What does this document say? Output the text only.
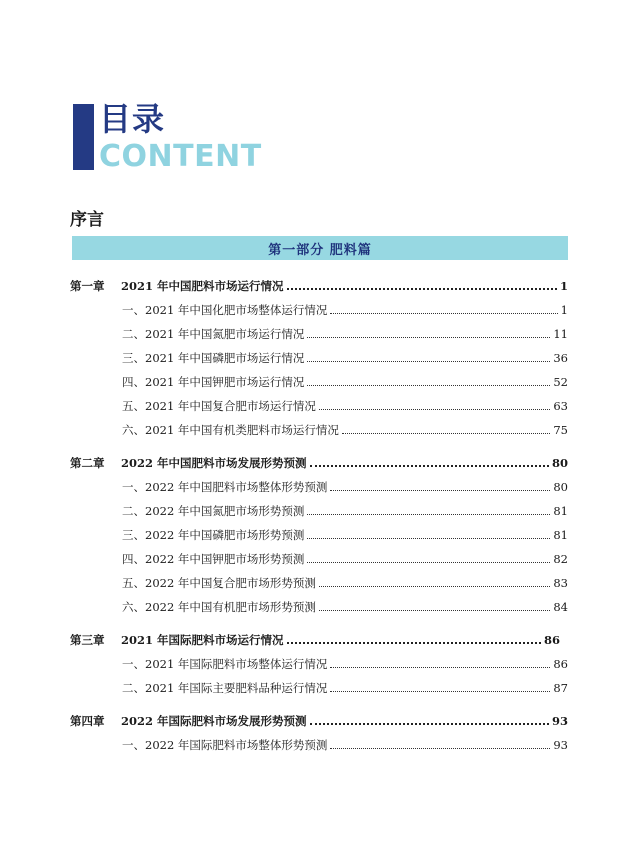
目录
CONTENT
序言
第一部分 肥料篇
第一章	2021 年中国肥料市场运行情况	1
一、2021 年中国化肥市场整体运行情况	1
二、2021 年中国氮肥市场运行情况	11
三、2021 年中国磷肥市场运行情况	36
四、2021 年中国钾肥市场运行情况	52
五、2021 年中国复合肥市场运行情况	63
六、2021 年中国有机类肥料市场运行情况	75
第二章	2022 年中国肥料市场发展形势预测	80
一、2022 年中国肥料市场整体形势预测	80
二、2022 年中国氮肥市场形势预测	81
三、2022 年中国磷肥市场形势预测	81
四、2022 年中国钾肥市场形势预测	82
五、2022 年中国复合肥市场形势预测	83
六、2022 年中国有机肥市场形势预测	84
第三章	2021 年国际肥料市场运行情况	86
一、2021 年国际肥料市场整体运行情况	86
二、2021 年国际主要肥料品种运行情况	87
第四章	2022 年国际肥料市场发展形势预测	93
一、2022 年国际肥料市场整体形势预测	93
